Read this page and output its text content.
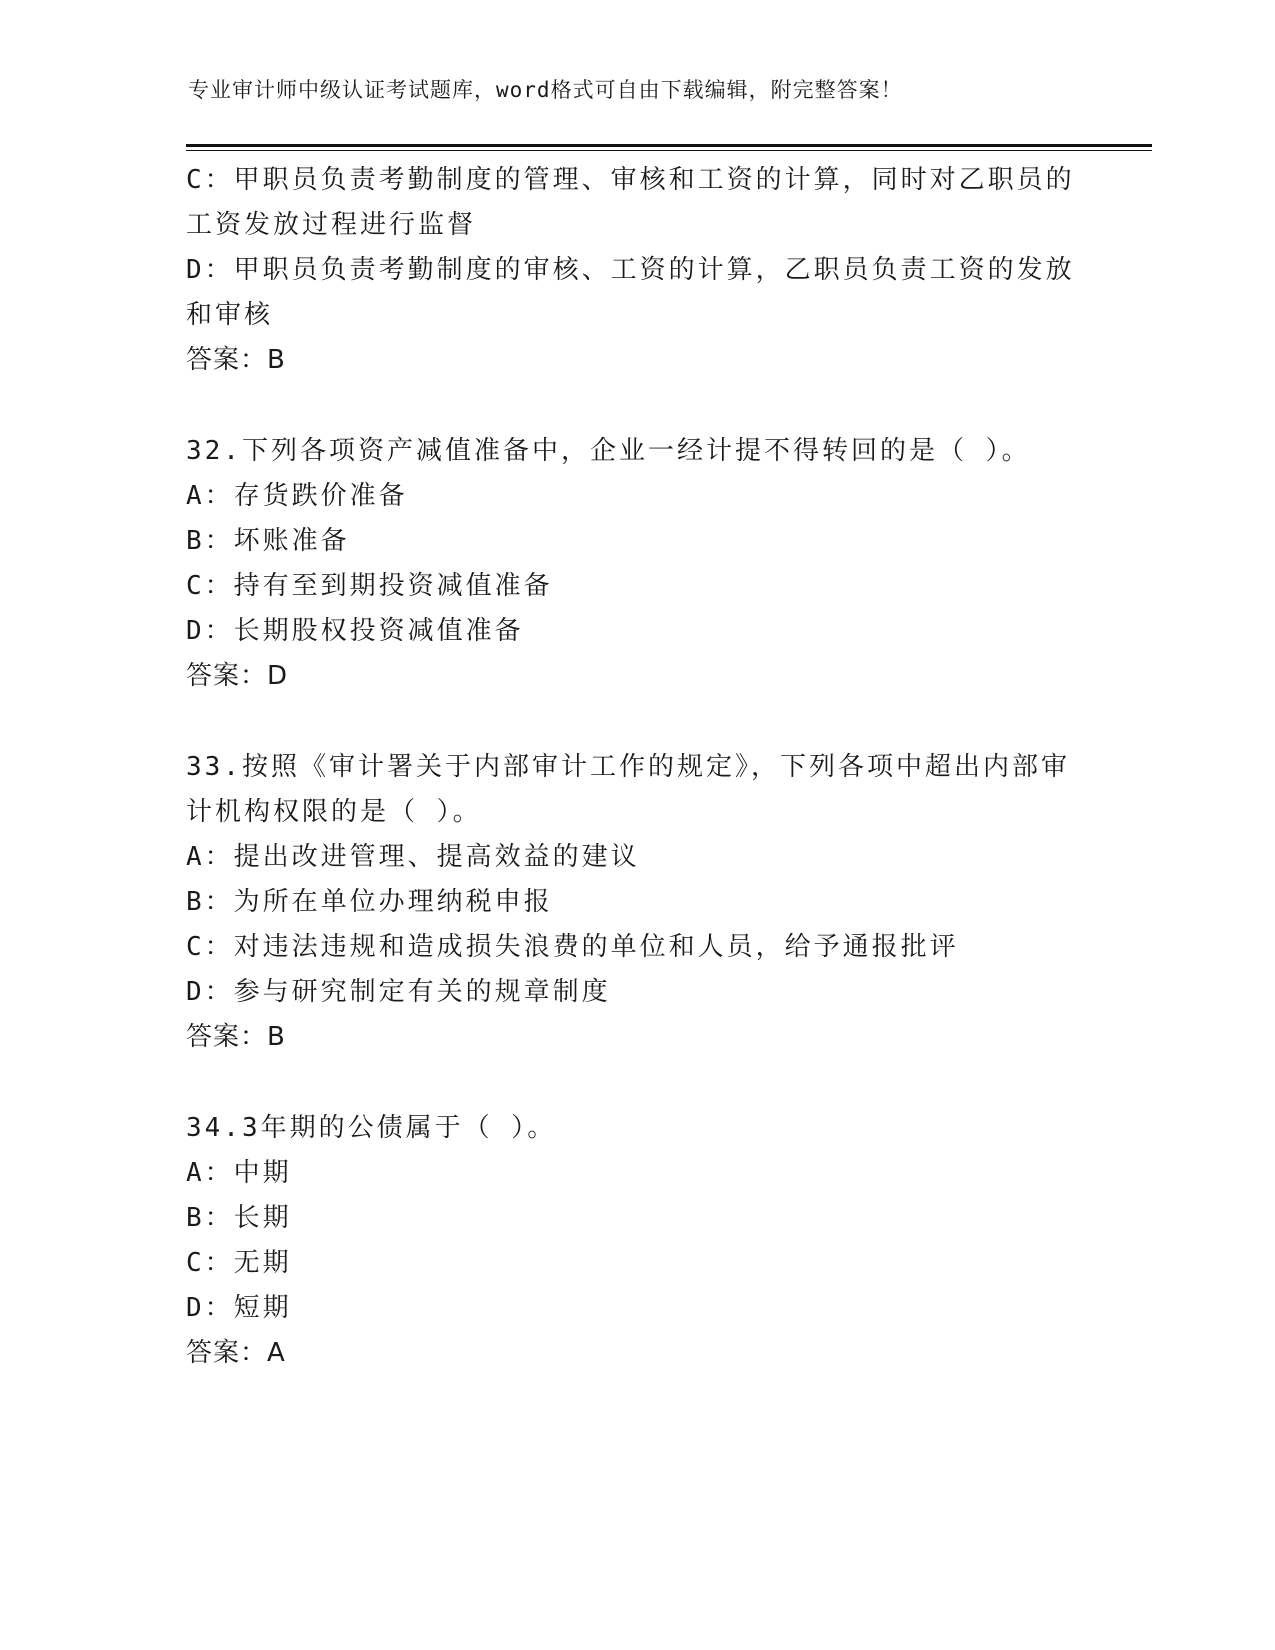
专业审计师中级认证考试题库，word格式可自由下载编辑，附完整答案！
C：甲职员负责考勤制度的管理、审核和工资的计算，同时对乙职员的
工资发放过程进行监督
D：甲职员负责考勤制度的审核、工资的计算，乙职员负责工资的发放
和审核
答案：B
32.下列各项资产减值准备中，企业一经计提不得转回的是（ ）。
A：存货跌价准备
B：坏账准备
C：持有至到期投资减值准备
D：长期股权投资减值准备
答案：D
33.按照《审计署关于内部审计工作的规定》，下列各项中超出内部审
计机构权限的是（ ）。
A：提出改进管理、提高效益的建议
B：为所在单位办理纳税申报
C：对违法违规和造成损失浪费的单位和人员，给予通报批评
D：参与研究制定有关的规章制度
答案：B
34.3年期的公债属于（ ）。
A：中期
B：长期
C：无期
D：短期
答案：A
